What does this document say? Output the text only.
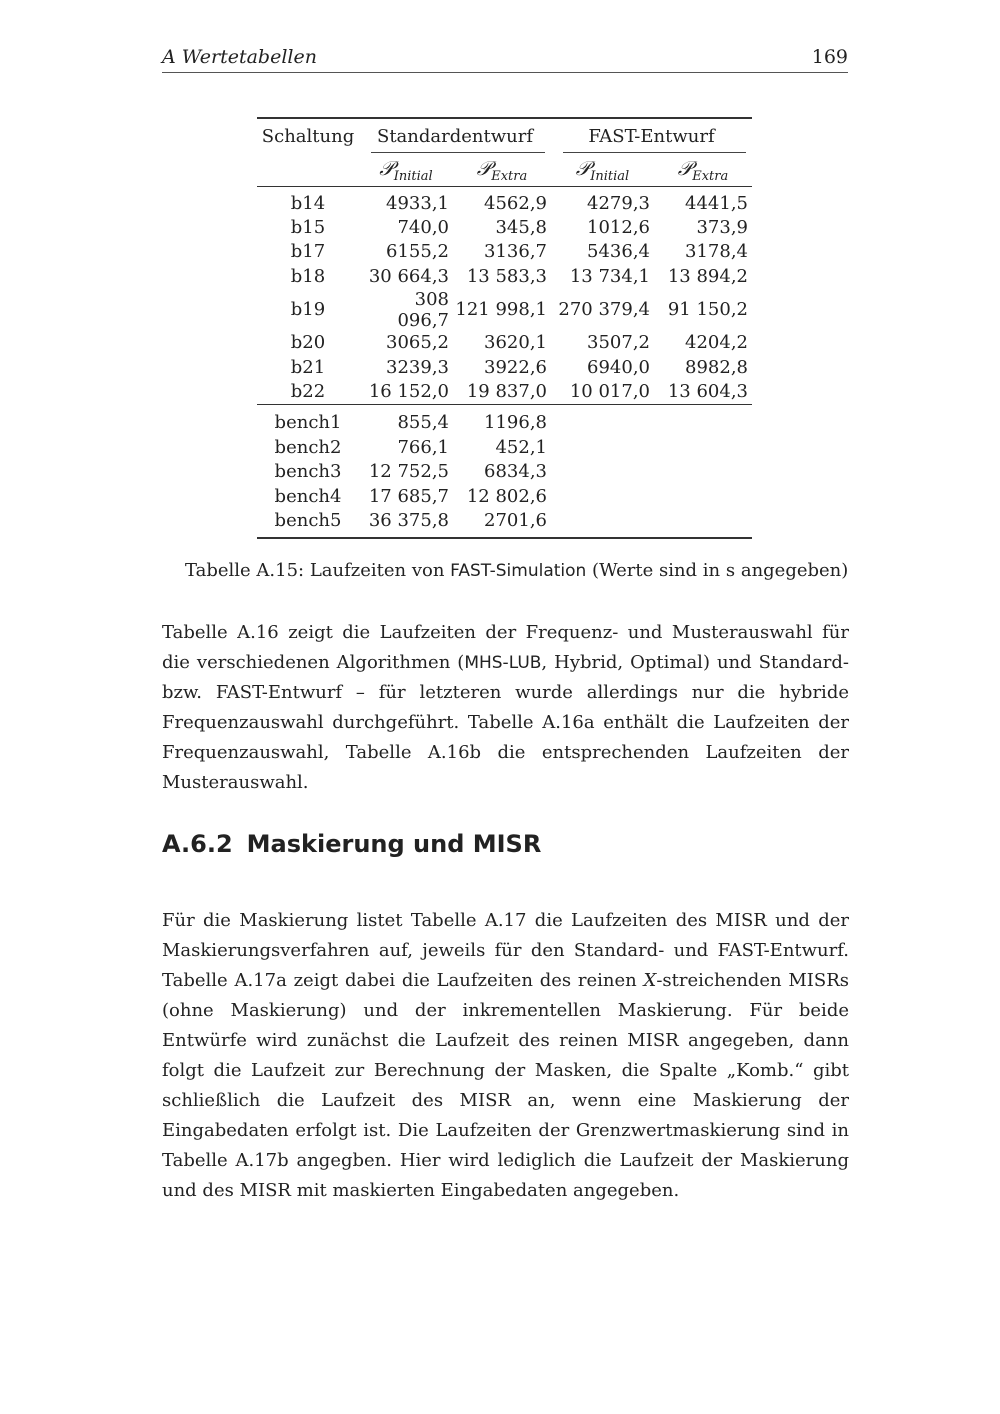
A Wertetabellen	169
Schaltung	Standardentwurf		FAST-Entwurf	

	𝒫$_{Initial}$	𝒫$_{Extra}$	𝒫$_{Initial}$	𝒫$_{Extra}$
b14	4933,1	4562,9	4279,3	4441,5
b15	740,0	345,8	1012,6	373,9
b17	6155,2	3136,7	5436,4	3178,4
b18	30 664,3	13 583,3	13 734,1	13 894,2
b19	308 096,7	121 998,1	270 379,4	91 150,2
b20	3065,2	3620,1	3507,2	4204,2
b21	3239,3	3922,6	6940,0	8982,8
b22	16 152,0	19 837,0	10 017,0	13 604,3
bench1	855,4	1196,8		
bench2	766,1	452,1		
bench3	12 752,5	6834,3		
bench4	17 685,7	12 802,6		
bench5	36 375,8	2701,6		
Tabelle A.15: Laufzeiten von FAST-Simulation (Werte sind in s angegeben)
Tabelle A.16 zeigt die Laufzeiten der Frequenz- und Musterauswahl für die verschiedenen Algorithmen (MHS-LUB, Hybrid, Optimal) und Standard- bzw. FAST-Entwurf – für letzteren wurde allerdings nur die hybride Frequenzauswahl durchgeführt. Tabelle A.16a enthält die Laufzeiten der Frequenzauswahl, Tabelle A.16b die entsprechenden Laufzeiten der Musterauswahl.
A.6.2 Maskierung und MISR
Für die Maskierung listet Tabelle A.17 die Laufzeiten des MISR und der Maskierungsverfahren auf, jeweils für den Standard- und FAST-Entwurf. Tabelle A.17a zeigt dabei die Laufzeiten des reinen X-streichenden MISRs (ohne Maskierung) und der inkrementellen Maskierung. Für beide Entwürfe wird zunächst die Laufzeit des reinen MISR angegeben, dann folgt die Laufzeit zur Berechnung der Masken, die Spalte „Komb.“ gibt schließlich die Laufzeit des MISR an, wenn eine Maskierung der Eingabedaten erfolgt ist. Die Laufzeiten der Grenzwertmaskierung sind in Tabelle A.17b angegben. Hier wird lediglich die Laufzeit der Maskierung und des MISR mit maskierten Eingabedaten angegeben.
